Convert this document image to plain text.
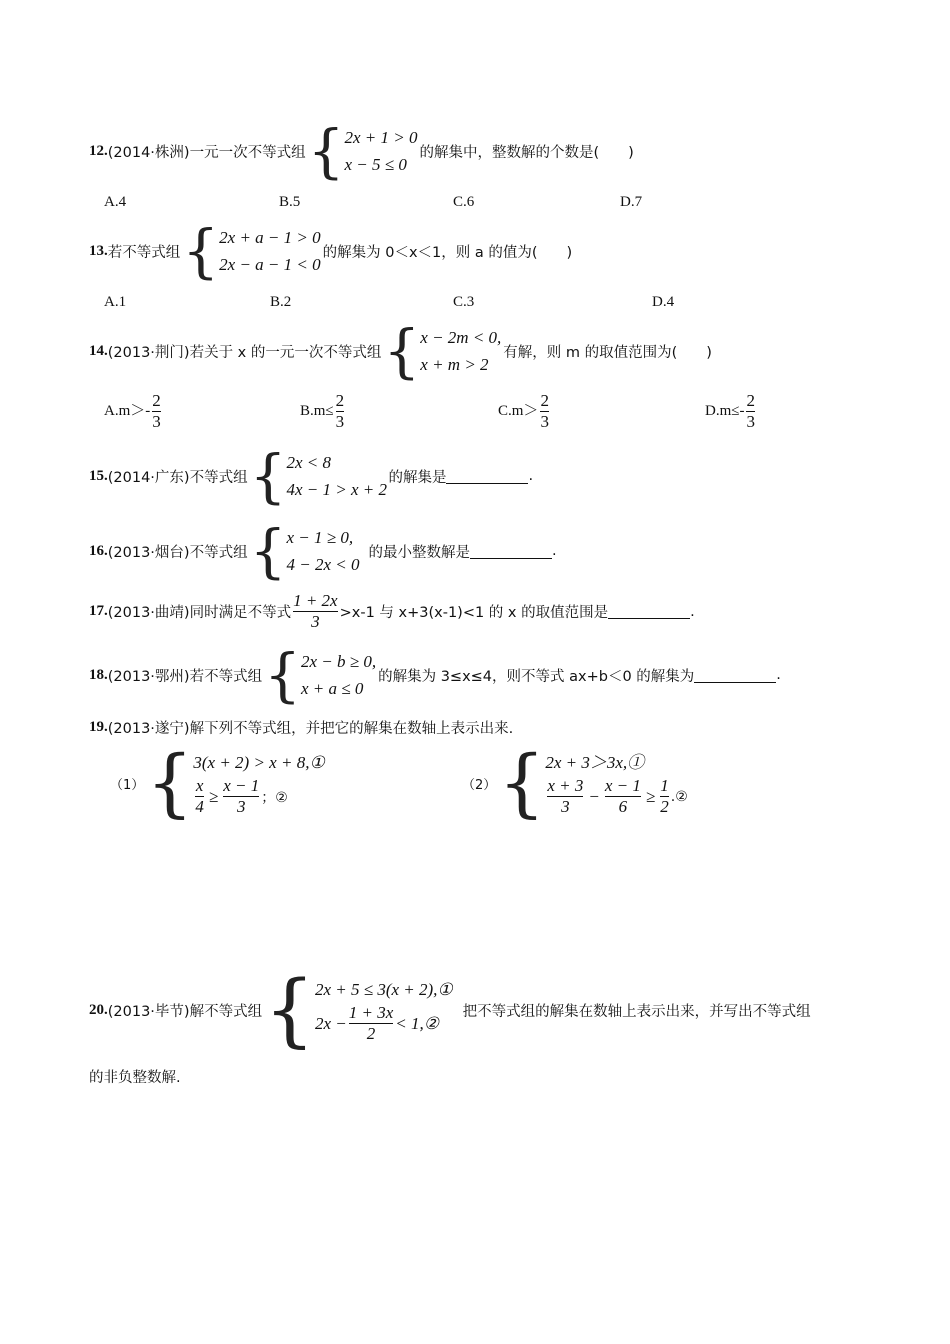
12. (2014·株洲)一元一次不等式组 { 2x + 1 > 0
x − 5 ≤ 0
的解集中，整数解的个数是(　　)
A.4	B.5	C.6	D.7
13. 若不等式组 { 2x + a − 1 > 0
2x − a − 1 < 0
的解集为 0＜x＜1，则 a 的值为(　　)
A.1	B.2	C.3	D.4
14. (2013·荆门)若关于 x 的一元一次不等式组 { x − 2m < 0,
x + m > 2
有解，则 m 的取值范围为(　　)
$A.m>- \frac{2}{3}$	$B.m\le \frac{2}{3}$	$C.m> \frac{2}{3}$	$D.m\le- \frac{2}{3}$
15. (2014·广东)不等式组 { 2x < 8
4x − 1 > x + 2
的解集是	.
16. (2013·烟台)不等式组 { x − 1 ≥ 0,
4 − 2x < 0
的最小整数解是	.
17. (2013·曲靖)同时满足不等式 $\frac{1 + 2x}{3} >x-1$ 与 x+3(x-1)<1 的 x 的取值范围是	.
18. (2013·鄂州)若不等式组 { 2x − b ≥ 0,
x + a ≤ 0
的解集为 3≤x≤4，则不等式 ax+b＜0 的解集为	.
19. (2013·遂宁)解下列不等式组，并把它的解集在数轴上表示出来.
（1） { 3(x + 2) > x + 8,①
$\frac{x}{4} \ge \frac{x - 1}{3}$ ；②
（2） { 2x + 3＞3x,①
$\frac{x + 3}{3} - \frac{x - 1}{6} \ge \frac{1}{2}$ .②
20. (2013·毕节)解不等式组 { 2x + 5 ≤ 3(x + 2),①
$2x - \frac{1 + 3x}{2}$ < 1,②
把不等式组的解集在数轴上表示出来，并写出不等式组
的非负整数解.
